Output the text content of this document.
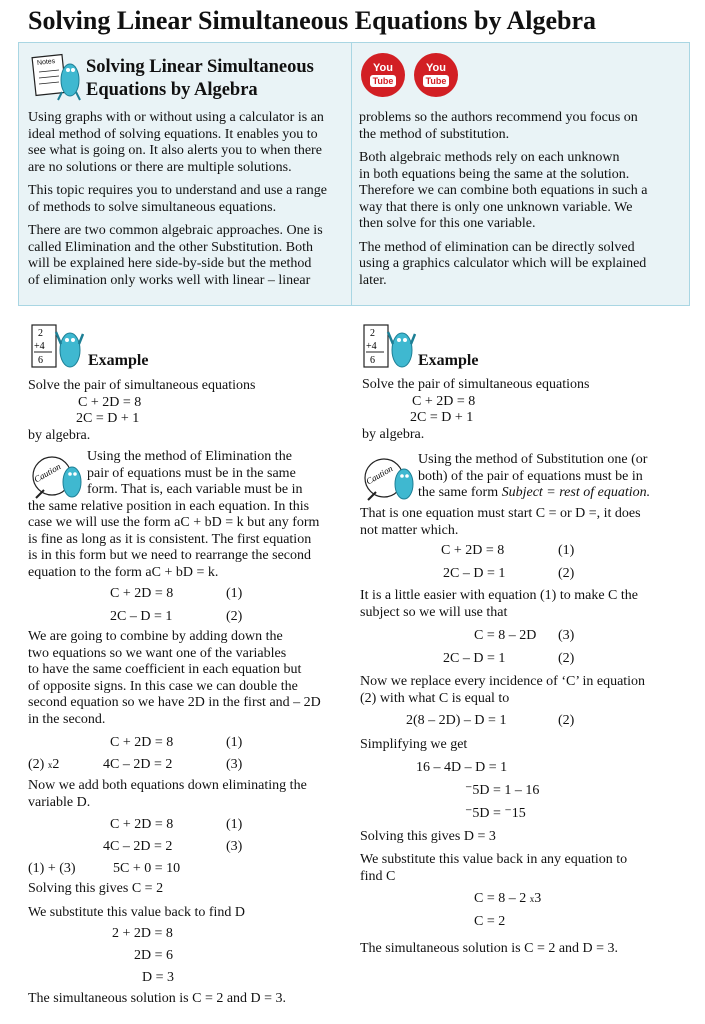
Solving Linear Simultaneous Equations by Algebra
Notes Solving Linear Simultaneous
Equations by Algebra
You
Tube
You
Tube
Using graphs with or without using a calculator is an
ideal method of solving equations. It enables you to
see what is going on. It also alerts you to when there
are no solutions or there are multiple solutions.
This topic requires you to understand and use a range
of methods to solve simultaneous equations.
There are two common algebraic approaches. One is
called Elimination and the other Substitution. Both
will be explained here side-by-side but the method
of elimination only works well with linear – linear
problems so the authors recommend you focus on
the method of substitution.
Both algebraic methods rely on each unknown
in both equations being the same at the solution.
Therefore we can combine both equations in such a
way that there is only one unknown variable. We
then solve for this one variable.
The method of elimination can be directly solved
using a graphics calculator which will be explained
later.
2
+4
6	Example
Solve the pair of simultaneous equations
C + 2D = 8
2C = D + 1
by algebra.
Caution
Using the method of Elimination the
pair of equations must be in the same
form. That is, each variable must be in
the same relative position in each equation. In this
case we will use the form aC + bD = k but any form
is fine as long as it is consistent. The first equation
is in this form but we need to rearrange the second
equation to the form aC + bD = k.
C + 2D = 8	(1)
2C – D = 1	(2)
We are going to combine by adding down the
two equations so we want one of the variables
to have the same coefficient in each equation but
of opposite signs. In this case we can double the
second equation so we have 2D in the first and – 2D
in the second.
C + 2D = 8	(1)
(2) x2	4C – 2D = 2	(3)
Now we add both equations down eliminating the
variable D.
C + 2D = 8	(1)
4C – 2D = 2	(3)
(1) + (3)	5C + 0 = 10
Solving this gives C = 2
We substitute this value back to find D
2 + 2D = 8
2D = 6
D = 3
The simultaneous solution is C = 2 and D = 3.
2
+4
6	Example
Solve the pair of simultaneous equations
C + 2D = 8
2C = D + 1
by algebra.
Caution
Using the method of Substitution one (or
both) of the pair of equations must be in
the same form Subject = rest of equation.
That is one equation must start C = or D =, it does
not matter which.
C + 2D = 8	(1)
2C – D = 1	(2)
It is a little easier with equation (1) to make C the
subject so we will use that
C = 8 – 2D (3)
2C – D = 1	(2)
Now we replace every incidence of ‘C’ in equation
(2) with what C is equal to
2(8 – 2D) – D = 1	(2)
Simplifying we get
16 – 4D – D = 1
⁻5D = 1 – 16
⁻5D = ⁻15
Solving this gives D = 3
We substitute this value back in any equation to
find C
C = 8 – 2 x3
C = 2
The simultaneous solution is C = 2 and D = 3.
